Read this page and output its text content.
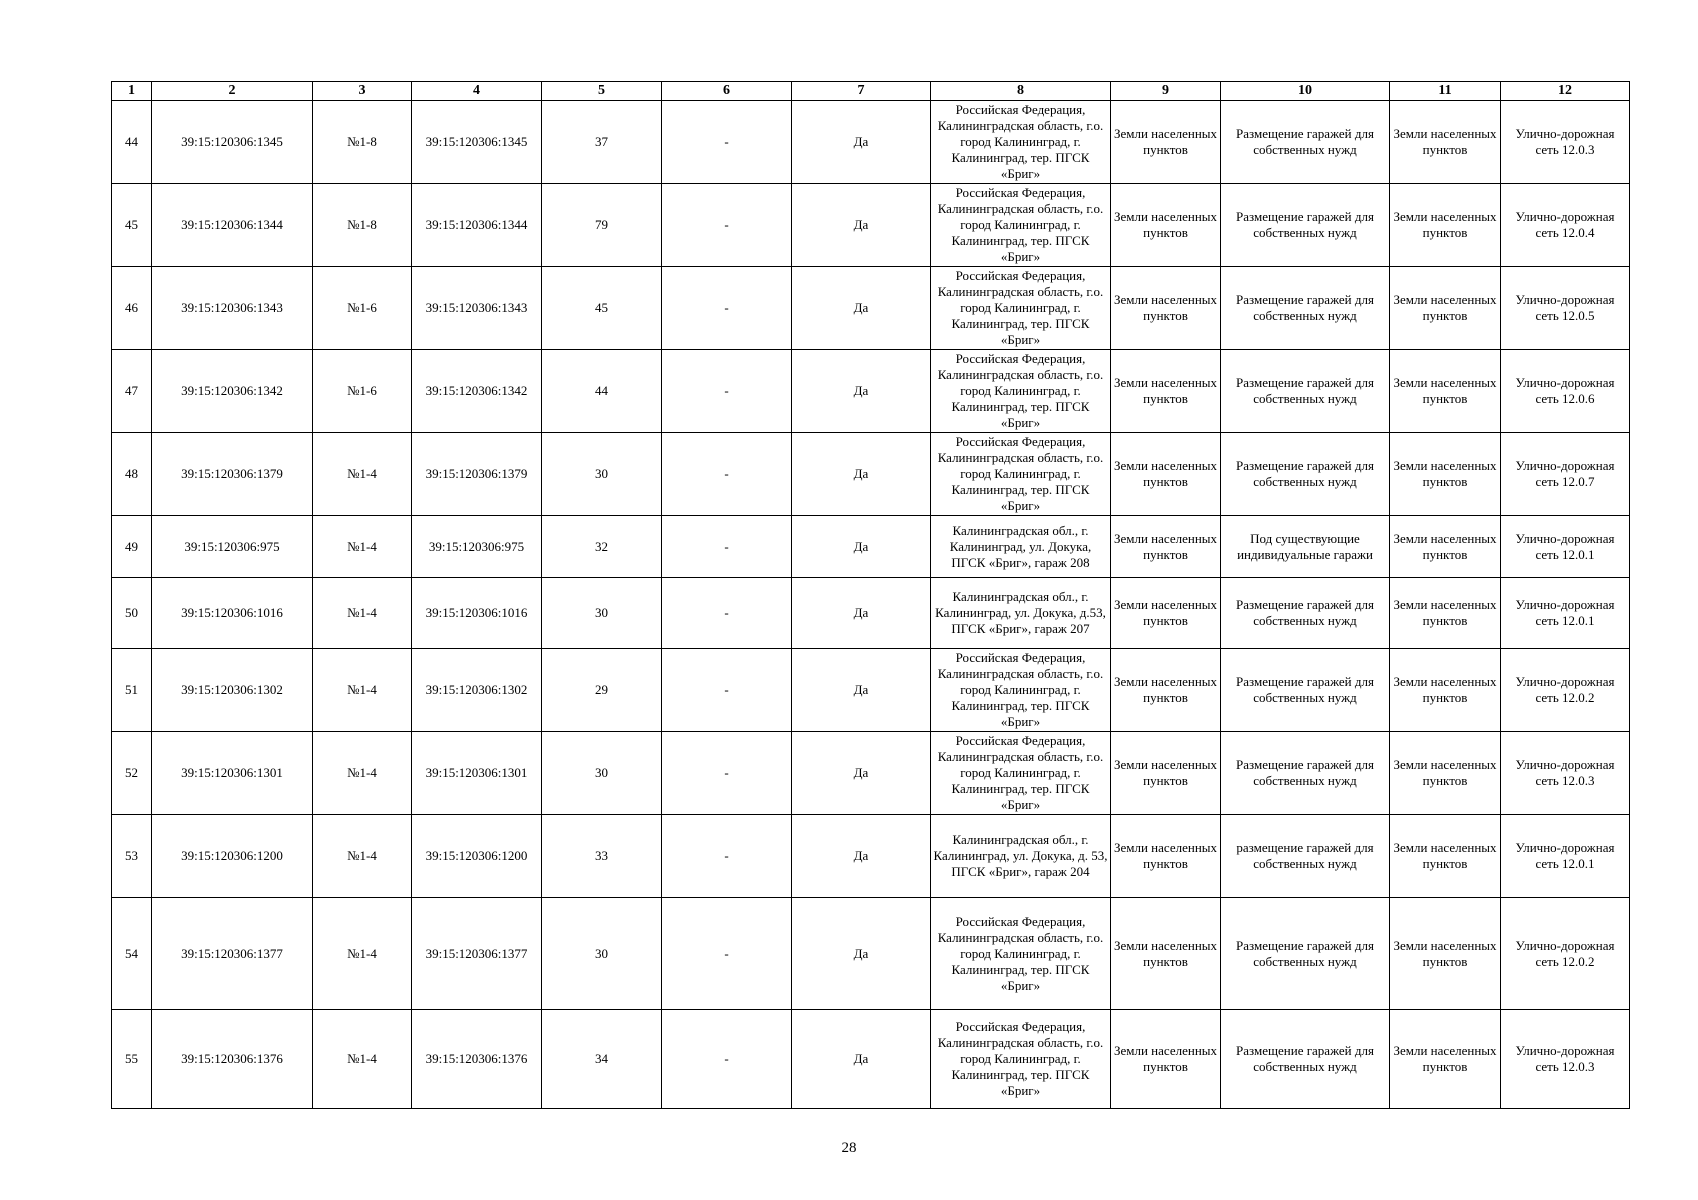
1	2	3	4	5	6	7	8	9	10	11	12
44	39:15:120306:1345	№1-8	39:15:120306:1345	37	-	Да	Российская Федерация, Калининградская область, г.о. город Калининград, г. Калининград, тер. ПГСК «Бриг»	Земли населенных пунктов	Размещение гаражей для собственных нужд	Земли населенных пунктов	Улично-дорожная сеть 12.0.3
45	39:15:120306:1344	№1-8	39:15:120306:1344	79	-	Да	Российская Федерация, Калининградская область, г.о. город Калининград, г. Калининград, тер. ПГСК «Бриг»	Земли населенных пунктов	Размещение гаражей для собственных нужд	Земли населенных пунктов	Улично-дорожная сеть 12.0.4
46	39:15:120306:1343	№1-6	39:15:120306:1343	45	-	Да	Российская Федерация, Калининградская область, г.о. город Калининград, г. Калининград, тер. ПГСК «Бриг»	Земли населенных пунктов	Размещение гаражей для собственных нужд	Земли населенных пунктов	Улично-дорожная сеть 12.0.5
47	39:15:120306:1342	№1-6	39:15:120306:1342	44	-	Да	Российская Федерация, Калининградская область, г.о. город Калининград, г. Калининград, тер. ПГСК «Бриг»	Земли населенных пунктов	Размещение гаражей для собственных нужд	Земли населенных пунктов	Улично-дорожная сеть 12.0.6
48	39:15:120306:1379	№1-4	39:15:120306:1379	30	-	Да	Российская Федерация, Калининградская область, г.о. город Калининград, г. Калининград, тер. ПГСК «Бриг»	Земли населенных пунктов	Размещение гаражей для собственных нужд	Земли населенных пунктов	Улично-дорожная сеть 12.0.7
49	39:15:120306:975	№1-4	39:15:120306:975	32	-	Да	Калининградская обл., г. Калининград, ул. Докука, ПГСК «Бриг», гараж 208	Земли населенных пунктов	Под существующие индивидуальные гаражи	Земли населенных пунктов	Улично-дорожная сеть 12.0.1
50	39:15:120306:1016	№1-4	39:15:120306:1016	30	-	Да	Калининградская обл., г. Калининград, ул. Докука, д.53, ПГСК «Бриг», гараж 207	Земли населенных пунктов	Размещение гаражей для собственных нужд	Земли населенных пунктов	Улично-дорожная сеть 12.0.1
51	39:15:120306:1302	№1-4	39:15:120306:1302	29	-	Да	Российская Федерация, Калининградская область, г.о. город Калининград, г. Калининград, тер. ПГСК «Бриг»	Земли населенных пунктов	Размещение гаражей для собственных нужд	Земли населенных пунктов	Улично-дорожная сеть 12.0.2
52	39:15:120306:1301	№1-4	39:15:120306:1301	30	-	Да	Российская Федерация, Калининградская область, г.о. город Калининград, г. Калининград, тер. ПГСК «Бриг»	Земли населенных пунктов	Размещение гаражей для собственных нужд	Земли населенных пунктов	Улично-дорожная сеть 12.0.3
53	39:15:120306:1200	№1-4	39:15:120306:1200	33	-	Да	Калининградская обл., г. Калининград, ул. Докука, д. 53, ПГСК «Бриг», гараж 204	Земли населенных пунктов	размещение гаражей для собственных нужд	Земли населенных пунктов	Улично-дорожная сеть 12.0.1
54	39:15:120306:1377	№1-4	39:15:120306:1377	30	-	Да	Российская Федерация, Калининградская область, г.о. город Калининград, г. Калининград, тер. ПГСК «Бриг»	Земли населенных пунктов	Размещение гаражей для собственных нужд	Земли населенных пунктов	Улично-дорожная сеть 12.0.2
55	39:15:120306:1376	№1-4	39:15:120306:1376	34	-	Да	Российская Федерация, Калининградская область, г.о. город Калининград, г. Калининград, тер. ПГСК «Бриг»	Земли населенных пунктов	Размещение гаражей для собственных нужд	Земли населенных пунктов	Улично-дорожная сеть 12.0.3
28
